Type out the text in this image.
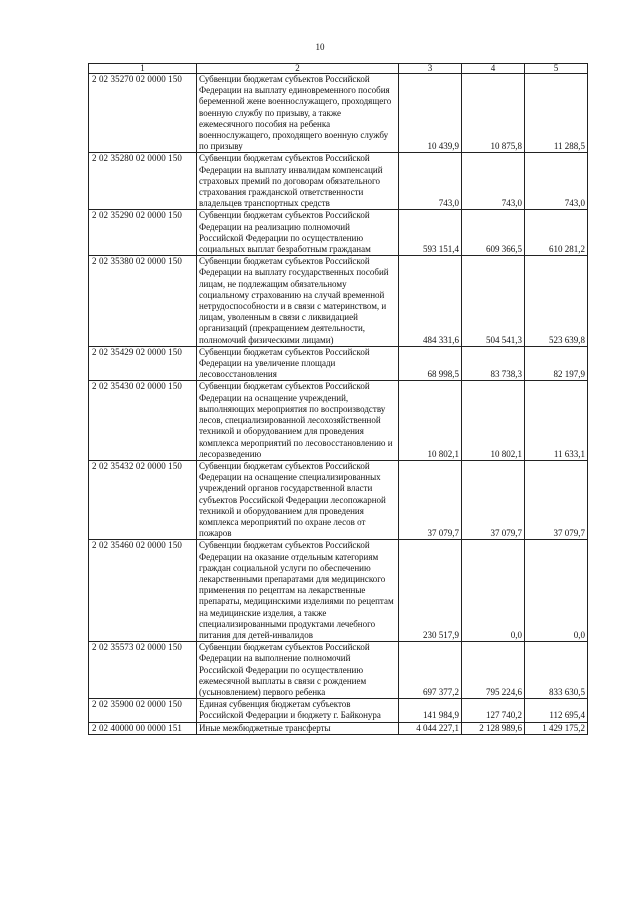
10
1	2	3	4	5
2 02 35270 02 0000 150	Субвенции бюджетам субъектов Российской Федерации на выплату единовременного пособия беременной жене военнослужащего, проходящего военную службу по призыву, а также ежемесячного пособия на ребенка военнослужащего, проходящего военную службу по призыву	10 439,9	10 875,8	11 288,5
2 02 35280 02 0000 150	Субвенции бюджетам субъектов Российской Федерации на выплату инвалидам компенсаций страховых премий по договорам обязательного страхования гражданской ответственности владельцев транспортных средств	743,0	743,0	743,0
2 02 35290 02 0000 150	Субвенции бюджетам субъектов Российской Федерации на реализацию полномочий Российской Федерации по осуществлению социальных выплат безработным гражданам	593 151,4	609 366,5	610 281,2
2 02 35380 02 0000 150	Субвенции бюджетам субъектов Российской Федерации на выплату государственных пособий лицам, не подлежащим обязательному социальному страхованию на случай временной нетрудоспособности и в связи с материнством, и лицам, уволенным в связи с ликвидацией организаций (прекращением деятельности, полномочий физическими лицами)	484 331,6	504 541,3	523 639,8
2 02 35429 02 0000 150	Субвенции бюджетам субъектов Российской Федерации на увеличение площади лесовосстановления	68 998,5	83 738,3	82 197,9
2 02 35430 02 0000 150	Субвенции бюджетам субъектов Российской Федерации на оснащение учреждений, выполняющих мероприятия по воспроизводству лесов, специализированной лесохозяйственной техникой и оборудованием для проведения комплекса мероприятий по лесовосстановлению и лесоразведению	10 802,1	10 802,1	11 633,1
2 02 35432 02 0000 150	Субвенции бюджетам субъектов Российской Федерации на оснащение специализированных учреждений органов государственной власти субъектов Российской Федерации лесопожарной техникой и оборудованием для проведения комплекса мероприятий по охране лесов от пожаров	37 079,7	37 079,7	37 079,7
2 02 35460 02 0000 150	Субвенции бюджетам субъектов Российской Федерации на оказание отдельным категориям граждан социальной услуги по обеспечению лекарственными препаратами для медицинского применения по рецептам на лекарственные препараты, медицинскими изделиями по рецептам на медицинские изделия, а также специализированными продуктами лечебного питания для детей-инвалидов	230 517,9	0,0	0,0
2 02 35573 02 0000 150	Субвенции бюджетам субъектов Российской Федерации на выполнение полномочий Российской Федерации по осуществлению ежемесячной выплаты в связи с рождением (усыновлением) первого ребенка	697 377,2	795 224,6	833 630,5
2 02 35900 02 0000 150	Единая субвенция бюджетам субъектов Российской Федерации и бюджету г. Байконура	141 984,9	127 740,2	112 695,4
2 02 40000 00 0000 151	Иные межбюджетные трансферты	4 044 227,1	2 128 989,6	1 429 175,2
